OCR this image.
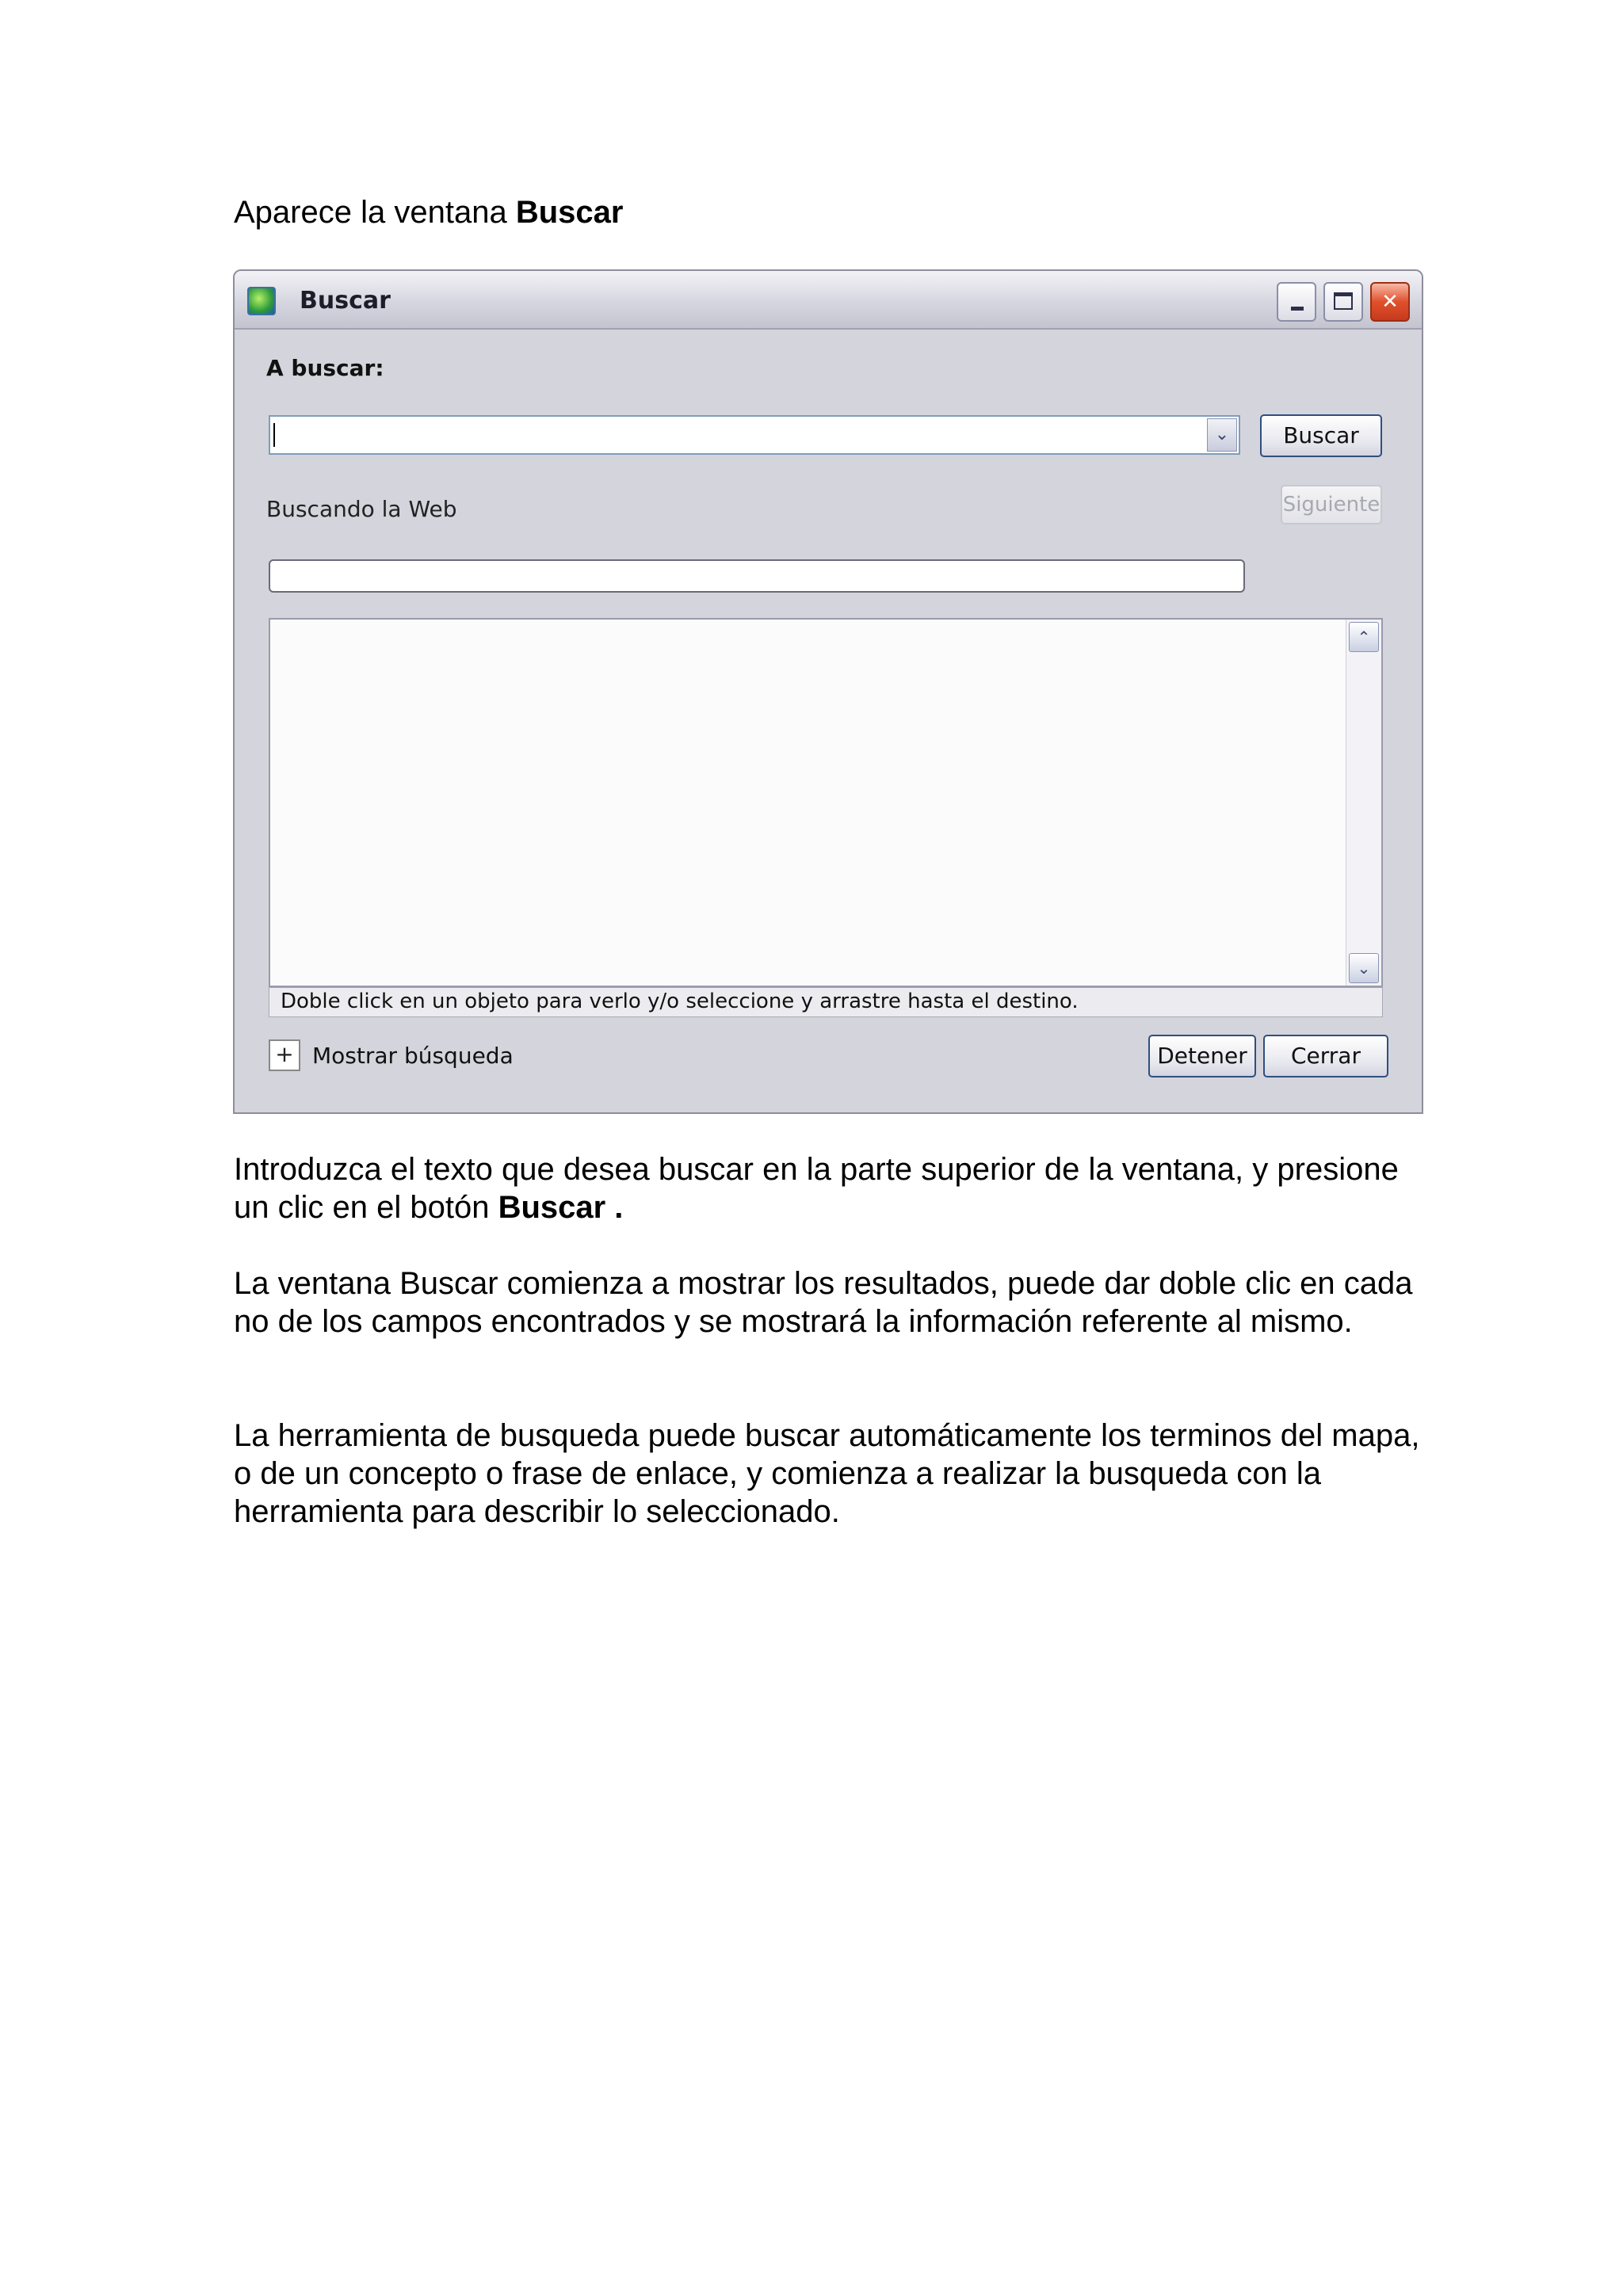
Aparece la ventana Buscar

Buscar	✕
A buscar:
⌄	Buscar
Buscando la Web	Siguiente
⌃
⌄
Doble click en un objeto para verlo y/o seleccione y arrastre hasta el destino.
+ Mostrar búsqueda	Detener	Cerrar

Introduzca el texto que desea buscar en la parte superior de la ventana, y presione un clic en el botón Buscar .

La ventana Buscar comienza a mostrar los resultados, puede dar doble clic en cada no de los campos encontrados y se mostrará la información referente al mismo.

La herramienta de busqueda puede buscar automáticamente los terminos del mapa, o de un concepto o frase de enlace, y comienza a realizar la busqueda con la herramienta para describir lo seleccionado.
